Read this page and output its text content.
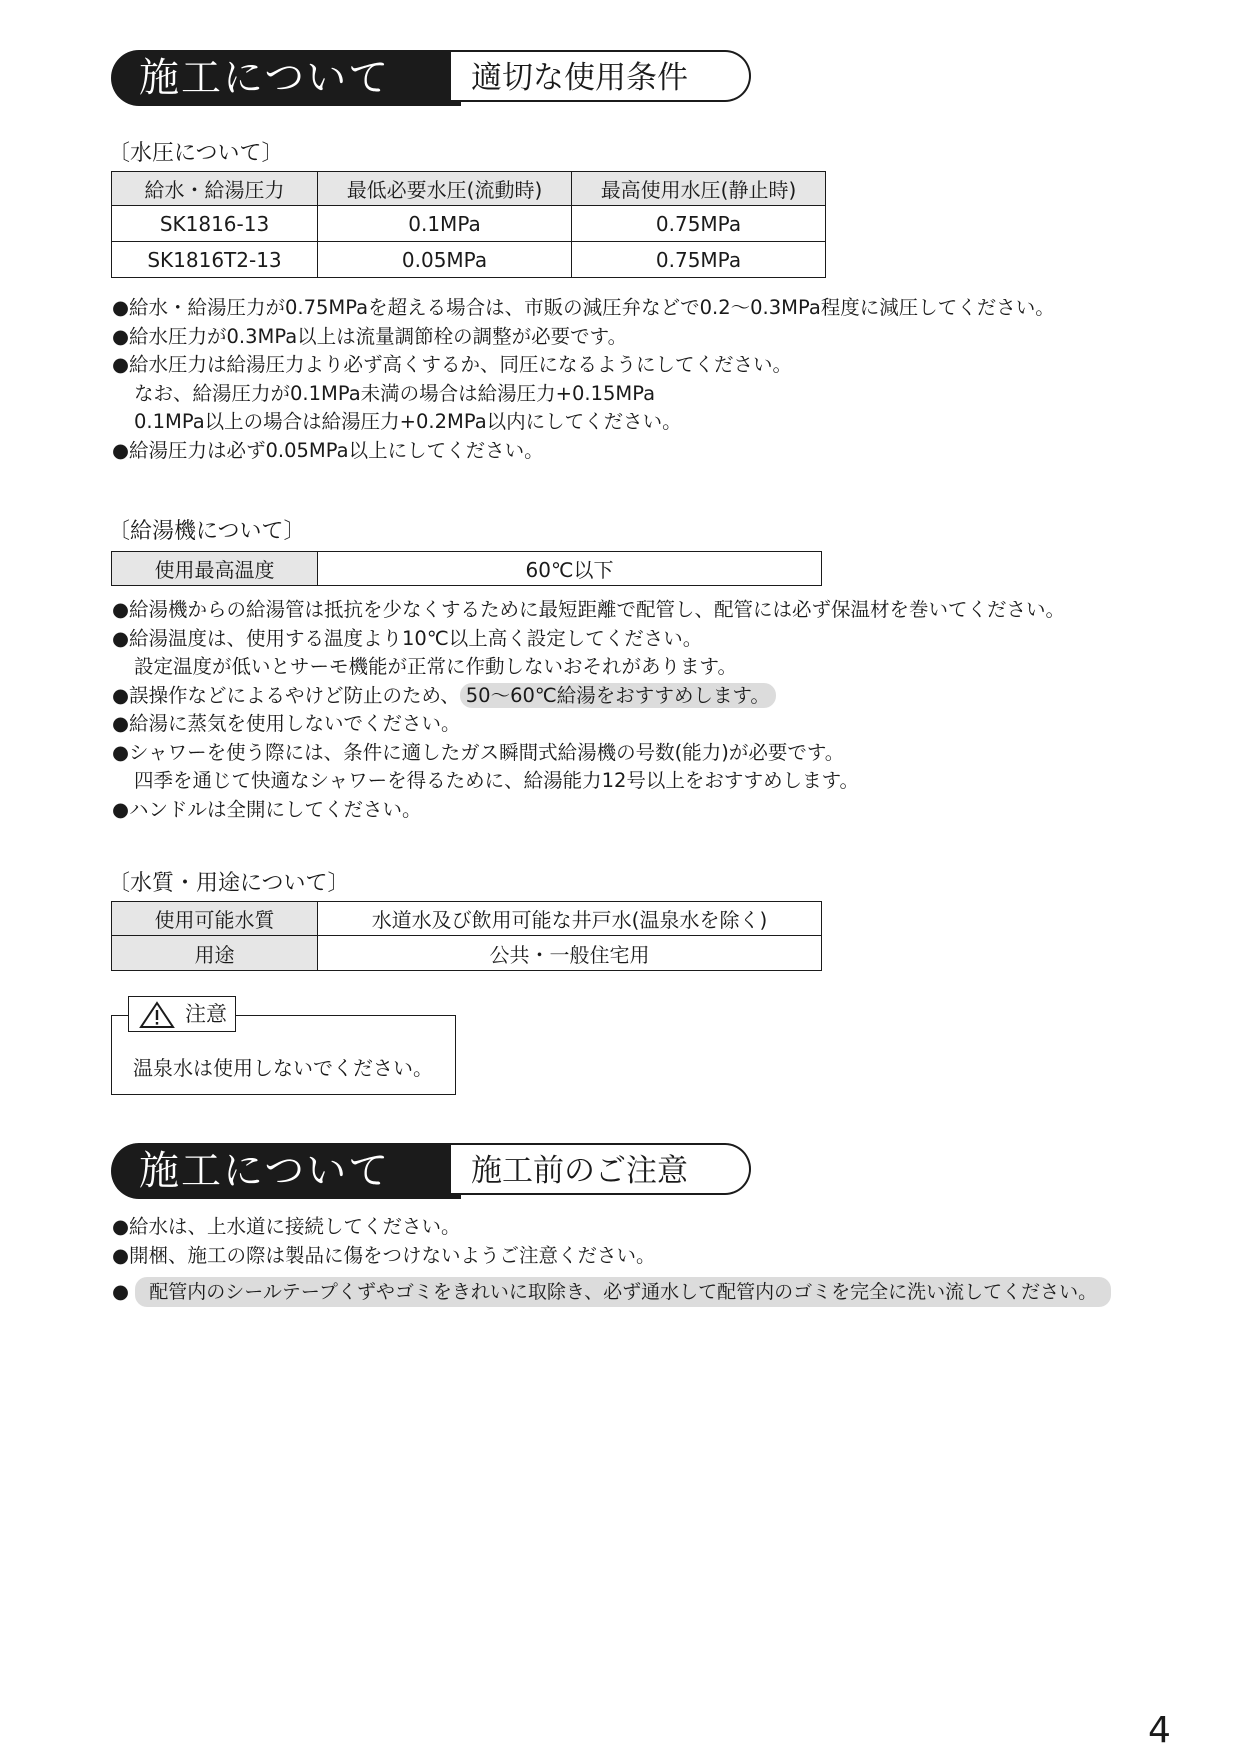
施工について	適切な使用条件
〔水圧について〕
給水・給湯圧力	最低必要水圧(流動時)	最高使用水圧(静止時)
SK1816-13	0.1MPa	0.75MPa
SK1816T2-13	0.05MPa	0.75MPa
●給水・給湯圧力が0.75MPaを超える場合は、市販の減圧弁などで0.2～0.3MPa程度に減圧してください。
●給水圧力が0.3MPa以上は流量調節栓の調整が必要です。
●給水圧力は給湯圧力より必ず高くするか、同圧になるようにしてください。
なお、給湯圧力が0.1MPa未満の場合は給湯圧力+0.15MPa
0.1MPa以上の場合は給湯圧力+0.2MPa以内にしてください。
●給湯圧力は必ず0.05MPa以上にしてください。
〔給湯機について〕
使用最高温度	60℃以下
●給湯機からの給湯管は抵抗を少なくするために最短距離で配管し、配管には必ず保温材を巻いてください。
●給湯温度は、使用する温度より10℃以上高く設定してください。
設定温度が低いとサーモ機能が正常に作動しないおそれがあります。
●誤操作などによるやけど防止のため、 50～60℃給湯をおすすめします。
●給湯に蒸気を使用しないでください。
●シャワーを使う際には、条件に適したガス瞬間式給湯機の号数(能力)が必要です。
四季を通じて快適なシャワーを得るために、給湯能力12号以上をおすすめします。
●ハンドルは全開にしてください。
〔水質・用途について〕
使用可能水質	水道水及び飲用可能な井戸水(温泉水を除く)
用途	公共・一般住宅用
注意
温泉水は使用しないでください。
施工について	施工前のご注意
●給水は、上水道に接続してください。
●開梱、施工の際は製品に傷をつけないようご注意ください。
● 配管内のシールテープくずやゴミをきれいに取除き、必ず通水して配管内のゴミを完全に洗い流してください。
4
